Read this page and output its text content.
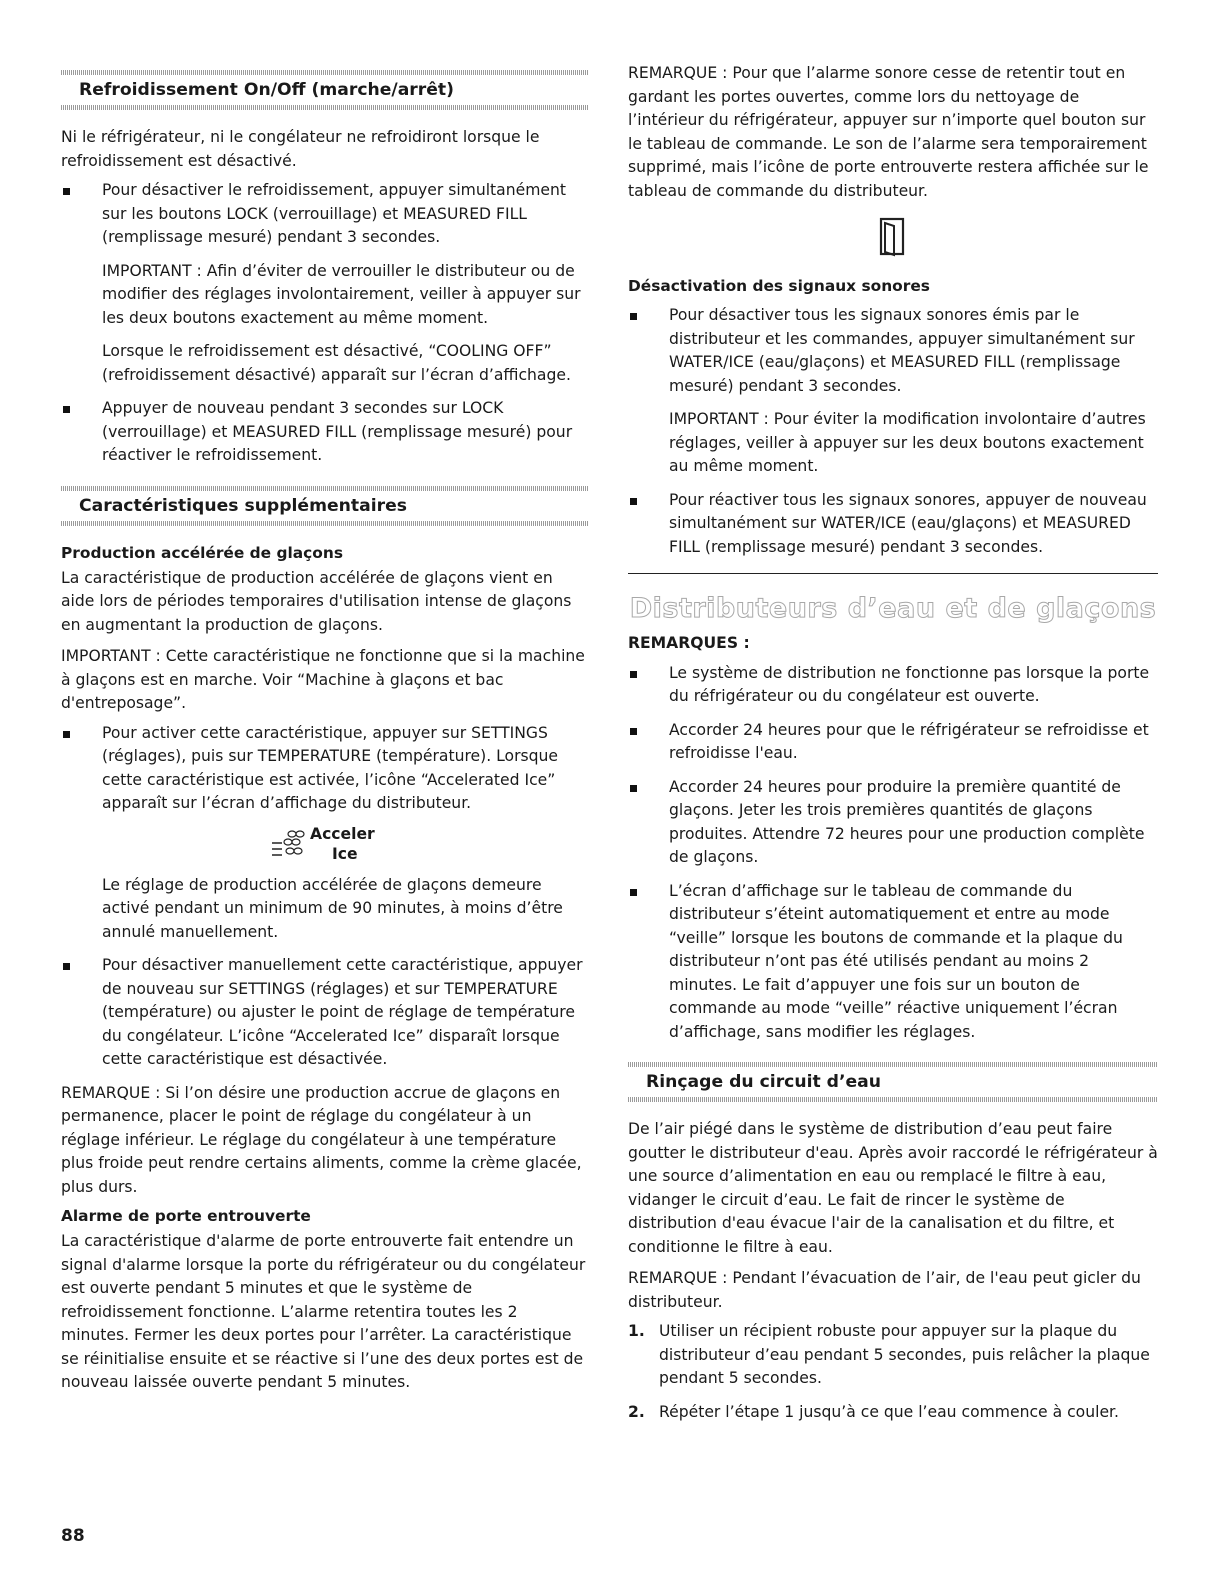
Refroidissement On/Off (marche/arrêt)

Ni le réfrigérateur, ni le congélateur ne refroidiront lorsque le refroidissement est désactivé.

Pour désactiver le refroidissement, appuyer simultanément sur les boutons LOCK (verrouillage) et MEASURED FILL (remplissage mesuré) pendant 3 secondes.

IMPORTANT : Afin d’éviter de verrouiller le distributeur ou de modifier des réglages involontairement, veiller à appuyer sur les deux boutons exactement au même moment.

Lorsque le refroidissement est désactivé, “COOLING OFF” (refroidissement désactivé) apparaît sur l’écran d’affichage.

Appuyer de nouveau pendant 3 secondes sur LOCK (verrouillage) et MEASURED FILL (remplissage mesuré) pour réactiver le refroidissement.

Caractéristiques supplémentaires
Production accélérée de glaçons

La caractéristique de production accélérée de glaçons vient en aide lors de périodes temporaires d'utilisation intense de glaçons en augmentant la production de glaçons.

IMPORTANT : Cette caractéristique ne fonctionne que si la machine à glaçons est en marche. Voir “Machine à glaçons et bac d'entreposage”.

Pour activer cette caractéristique, appuyer sur SETTINGS (réglages), puis sur TEMPERATURE (température). Lorsque cette caractéristique est activée, l’icône “Accelerated Ice” apparaît sur l’écran d’affichage du distributeur.

Acceler
Ice

Le réglage de production accélérée de glaçons demeure activé pendant un minimum de 90 minutes, à moins d’être annulé manuellement.

Pour désactiver manuellement cette caractéristique, appuyer de nouveau sur SETTINGS (réglages) et sur TEMPERATURE (température) ou ajuster le point de réglage de température du congélateur. L’icône “Accelerated Ice” disparaît lorsque cette caractéristique est désactivée.

REMARQUE : Si l’on désire une production accrue de glaçons en permanence, placer le point de réglage du congélateur à un réglage inférieur. Le réglage du congélateur à une température plus froide peut rendre certains aliments, comme la crème glacée, plus durs.

Alarme de porte entrouverte

La caractéristique d'alarme de porte entrouverte fait entendre un signal d'alarme lorsque la porte du réfrigérateur ou du congélateur est ouverte pendant 5 minutes et que le système de refroidissement fonctionne. L’alarme retentira toutes les 2 minutes. Fermer les deux portes pour l’arrêter. La caractéristique se réinitialise ensuite et se réactive si l’une des deux portes est de nouveau laissée ouverte pendant 5 minutes.

REMARQUE : Pour que l’alarme sonore cesse de retentir tout en gardant les portes ouvertes, comme lors du nettoyage de l’intérieur du réfrigérateur, appuyer sur n’importe quel bouton sur le tableau de commande. Le son de l’alarme sera temporairement supprimé, mais l’icône de porte entrouverte restera affichée sur le tableau de commande du distributeur.

Désactivation des signaux sonores

Pour désactiver tous les signaux sonores émis par le distributeur et les commandes, appuyer simultanément sur WATER/ICE (eau/glaçons) et MEASURED FILL (remplissage mesuré) pendant 3 secondes.

IMPORTANT : Pour éviter la modification involontaire d’autres réglages, veiller à appuyer sur les deux boutons exactement au même moment.

Pour réactiver tous les signaux sonores, appuyer de nouveau simultanément sur WATER/ICE (eau/glaçons) et MEASURED FILL (remplissage mesuré) pendant 3 secondes.

Distributeurs d’eau et de glaçons

REMARQUES :

Le système de distribution ne fonctionne pas lorsque la porte du réfrigérateur ou du congélateur est ouverte.

Accorder 24 heures pour que le réfrigérateur se refroidisse et refroidisse l'eau.

Accorder 24 heures pour produire la première quantité de glaçons. Jeter les trois premières quantités de glaçons produites. Attendre 72 heures pour une production complète de glaçons.

L’écran d’affichage sur le tableau de commande du distributeur s’éteint automatiquement et entre au mode “veille” lorsque les boutons de commande et la plaque du distributeur n’ont pas été utilisés pendant au moins 2 minutes. Le fait d’appuyer une fois sur un bouton de commande au mode “veille” réactive uniquement l’écran d’affichage, sans modifier les réglages.

Rinçage du circuit d’eau

De l’air piégé dans le système de distribution d’eau peut faire goutter le distributeur d'eau. Après avoir raccordé le réfrigérateur à une source d’alimentation en eau ou remplacé le filtre à eau, vidanger le circuit d’eau. Le fait de rincer le système de distribution d'eau évacue l'air de la canalisation et du filtre, et conditionne le filtre à eau.

REMARQUE : Pendant l’évacuation de l’air, de l'eau peut gicler du distributeur.

1. Utiliser un récipient robuste pour appuyer sur la plaque du distributeur d’eau pendant 5 secondes, puis relâcher la plaque pendant 5 secondes.

2. Répéter l’étape 1 jusqu’à ce que l’eau commence à couler.

88
